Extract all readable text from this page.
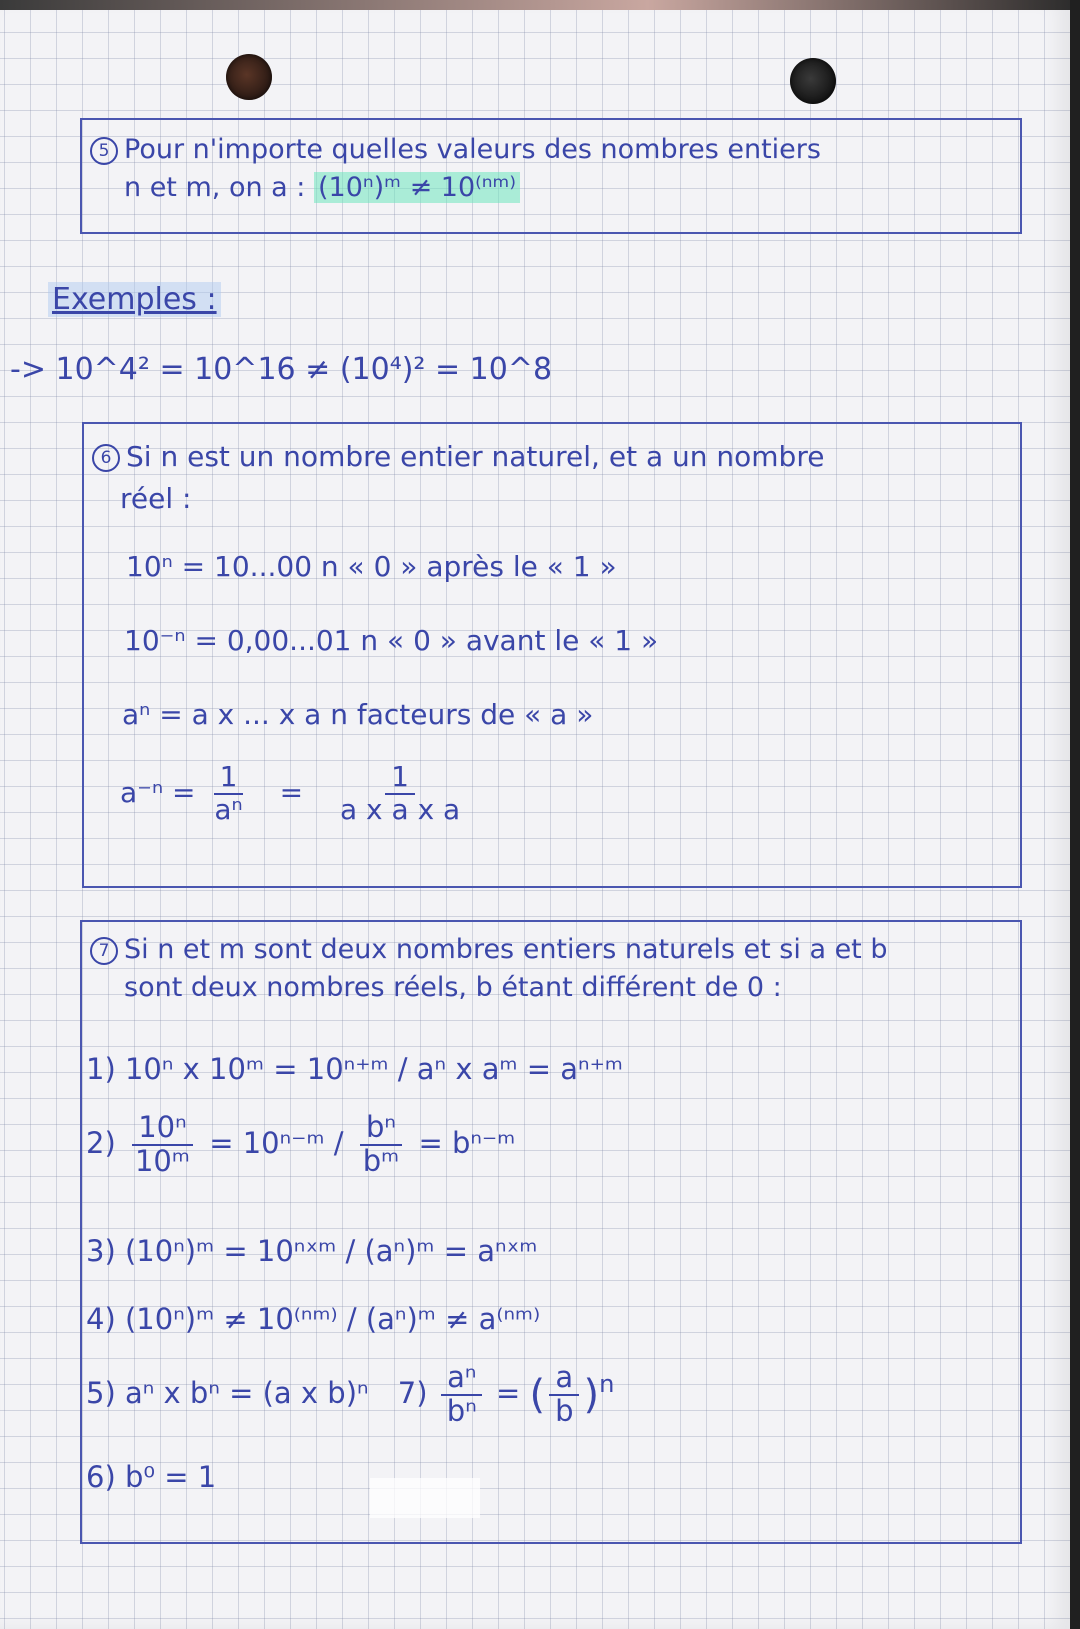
5 Pour n'importe quelles valeurs des nombres entiers
n et m, on a : (10ⁿ)ᵐ ≠ 10⁽ⁿᵐ⁾
Exemples :
-> 10^4² = 10^16 ≠ (10⁴)² = 10^8
6 Si n est un nombre entier naturel, et a un nombre
réel :
10ⁿ = 10...00 n « 0 » après le « 1 »
10⁻ⁿ = 0,00...01 n « 0 » avant le « 1 »
aⁿ = a x ... x a n facteurs de « a »
$a^{-n} = \frac{1}{\text{aⁿ}} = \frac{1}{\text{a x a x a}}$
7 Si n et m sont deux nombres entiers naturels et si a et b
sont deux nombres réels, b étant différent de 0 :
1) 10ⁿ x 10ᵐ = 10ⁿ⁺ᵐ / aⁿ x aᵐ = aⁿ⁺ᵐ
$2) \frac{\text{10ⁿ}}{\text{10ᵐ}}$ = 10ⁿ⁻ᵐ / $\frac{\text{bⁿ}}{\text{bᵐ}}$ = bⁿ⁻ᵐ
3) (10ⁿ)ᵐ = 10ⁿˣᵐ / (aⁿ)ᵐ = aⁿˣᵐ
4) (10ⁿ)ᵐ ≠ 10⁽ⁿᵐ⁾ / (aⁿ)ᵐ ≠ a⁽ⁿᵐ⁾
5) aⁿ x bⁿ = (a x b)ⁿ $7) \frac{\text{aⁿ}}{\text{bⁿ}}$ = ( $\frac{a}{b} )^n$
6) b⁰ = 1
